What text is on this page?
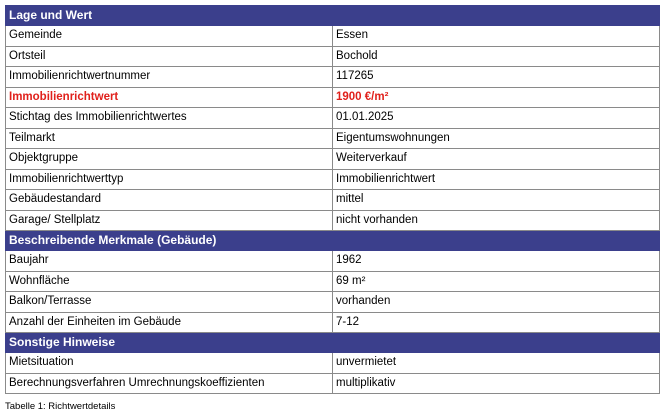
Lage und Wert	
Gemeinde	Essen
Ortsteil	Bochold
Immobilienrichtwertnummer	117265
Immobilienrichtwert	1900 €/m²
Stichtag des Immobilienrichtwertes	01.01.2025
Teilmarkt	Eigentumswohnungen
Objektgruppe	Weiterverkauf
Immobilienrichtwerttyp	Immobilienrichtwert
Gebäudestandard	mittel
Garage/ Stellplatz	nicht vorhanden
Beschreibende Merkmale (Gebäude)	
Baujahr	1962
Wohnfläche	69 m²
Balkon/Terrasse	vorhanden
Anzahl der Einheiten im Gebäude	7-12
Sonstige Hinweise	
Mietsituation	unvermietet
Berechnungsverfahren Umrechnungskoeffizienten	multiplikativ
Tabelle 1: Richtwertdetails
